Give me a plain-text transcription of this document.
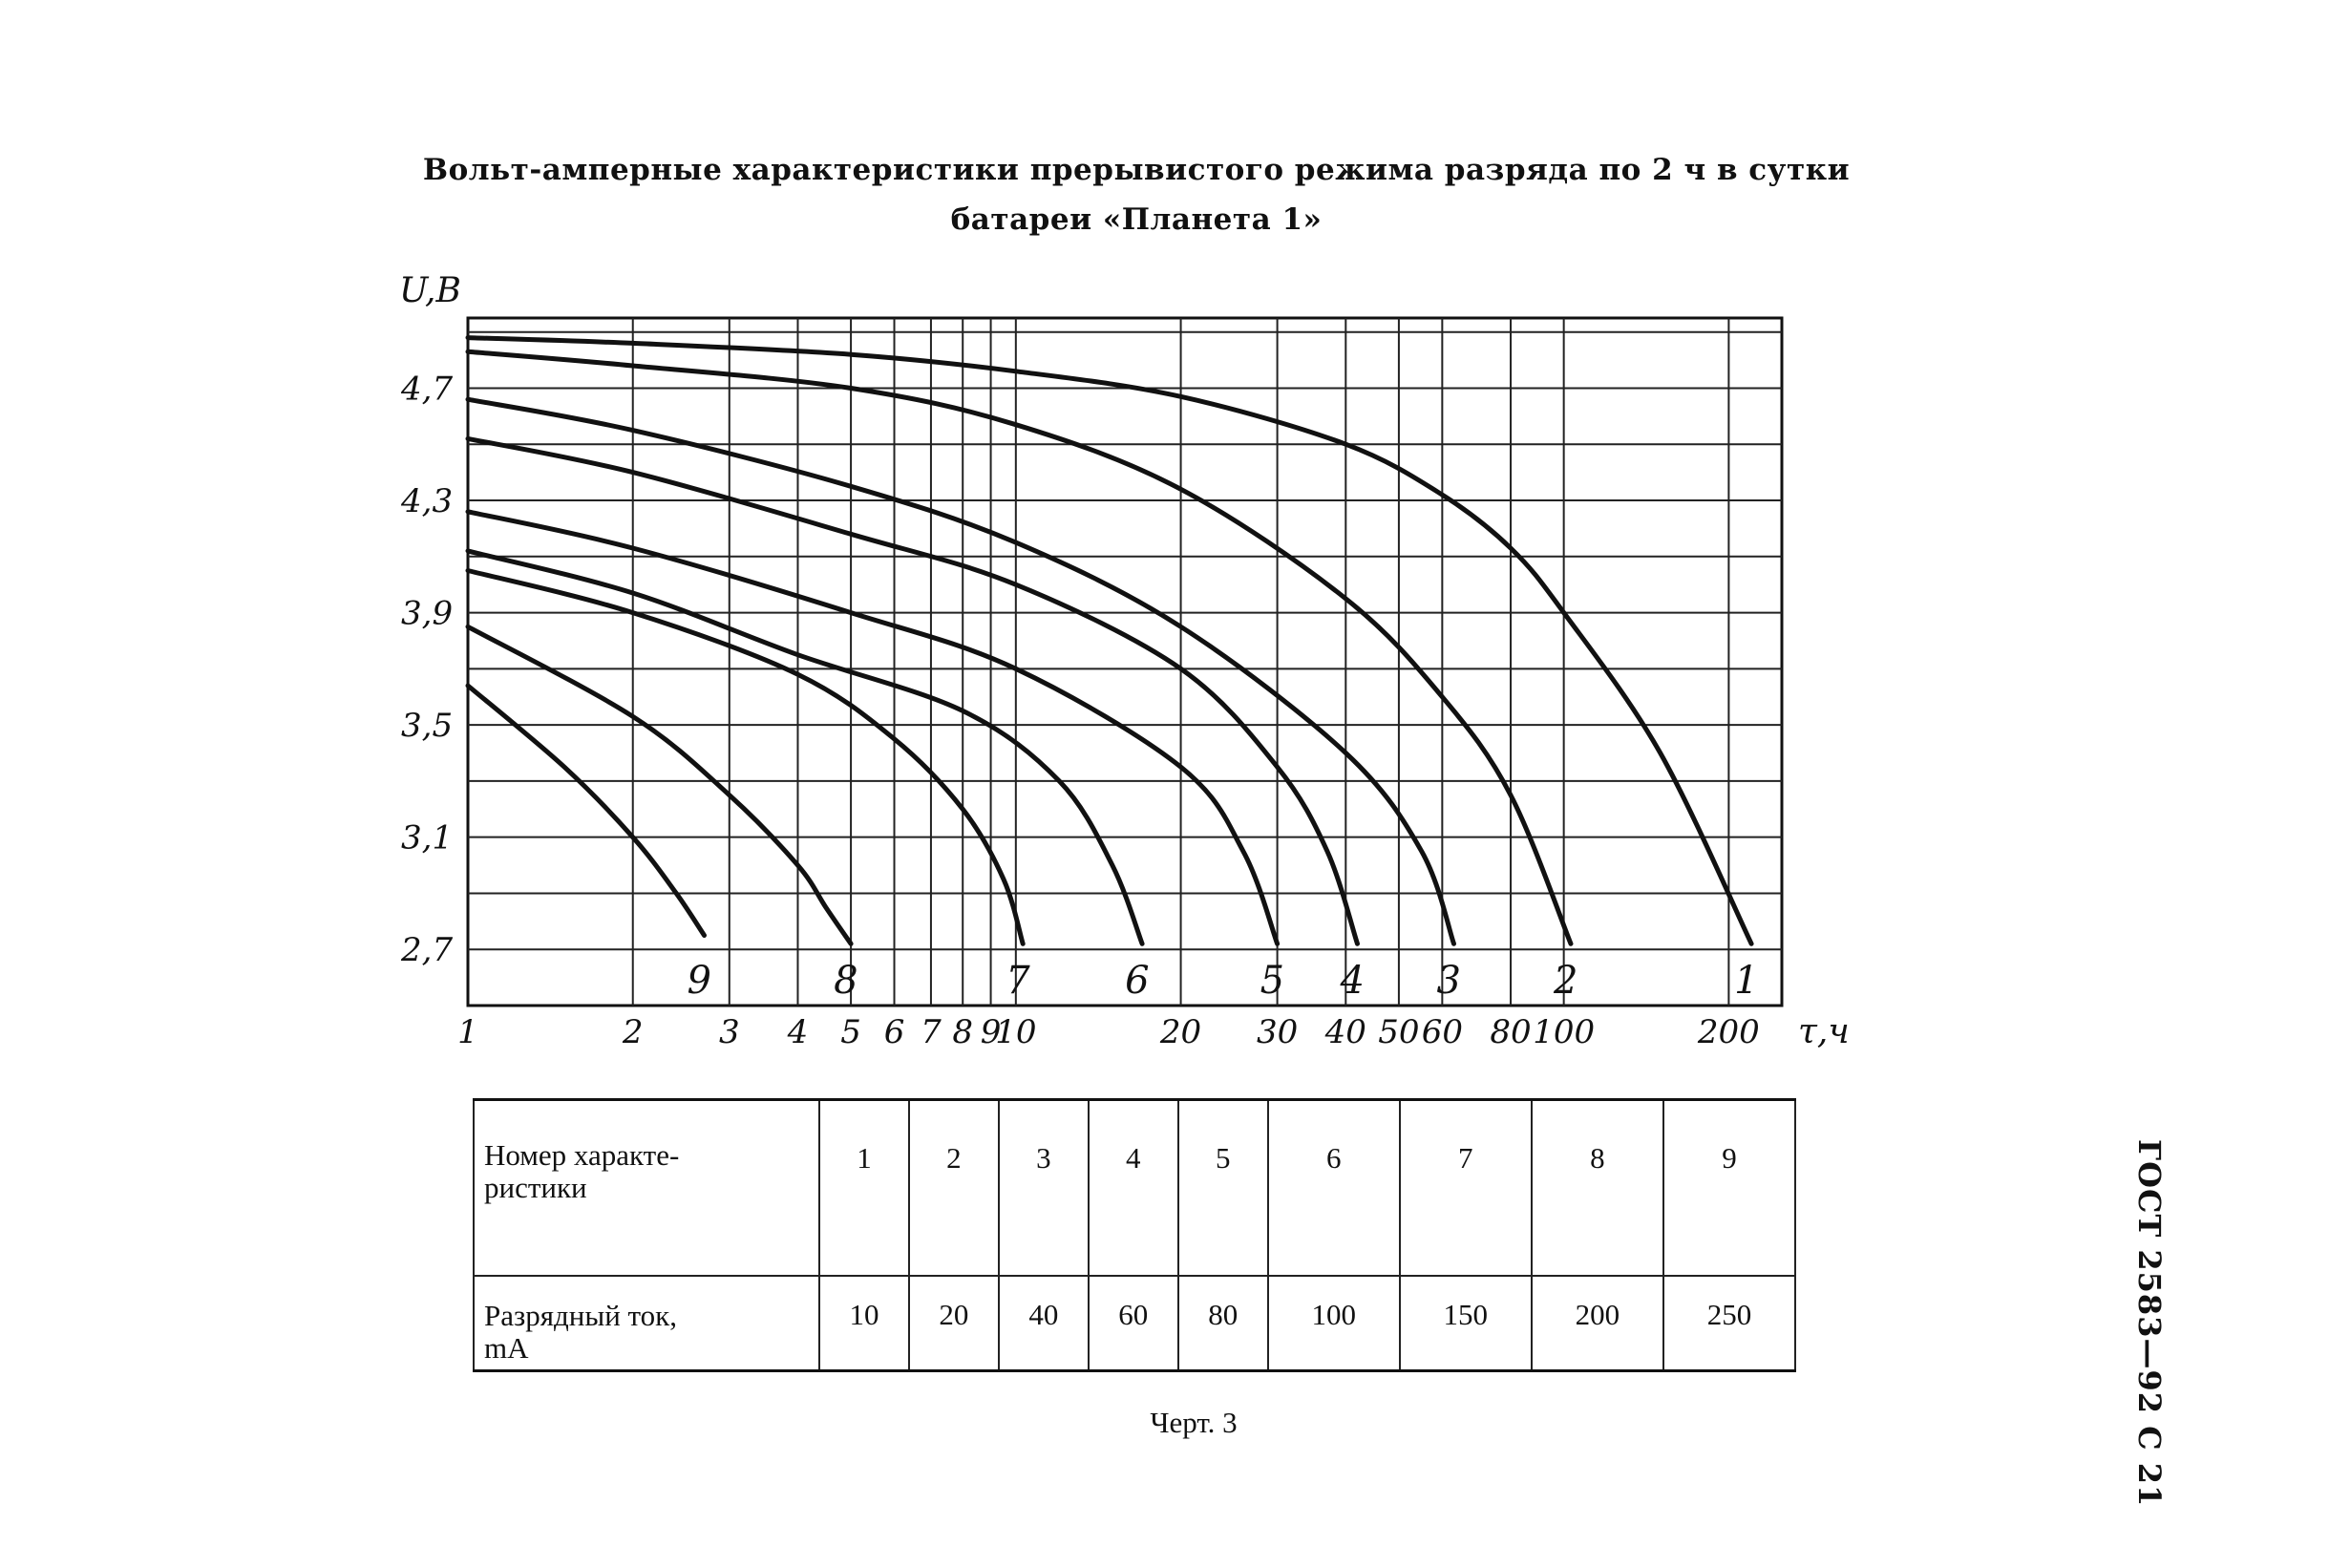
Вольт-амперные характеристики прерывистого режима разряда по 2 ч в сутки
батареи «Планета 1»
1	2 3 4 5 6 7 8 9
10	20 30 40 50 60 80 100	200
2,7
3,1
3,5
3,9
4,3
4,7
U,B
τ,ч
1
2
3
4
5
6
7
8
9
Номер характе-
ристики	1	2	3	4	5	6	7	8	9
Разрядный ток,
mA	10	20	40	60	80	100	150	200	250
Черт. 3	ГОСТ 2583—92 С 21
